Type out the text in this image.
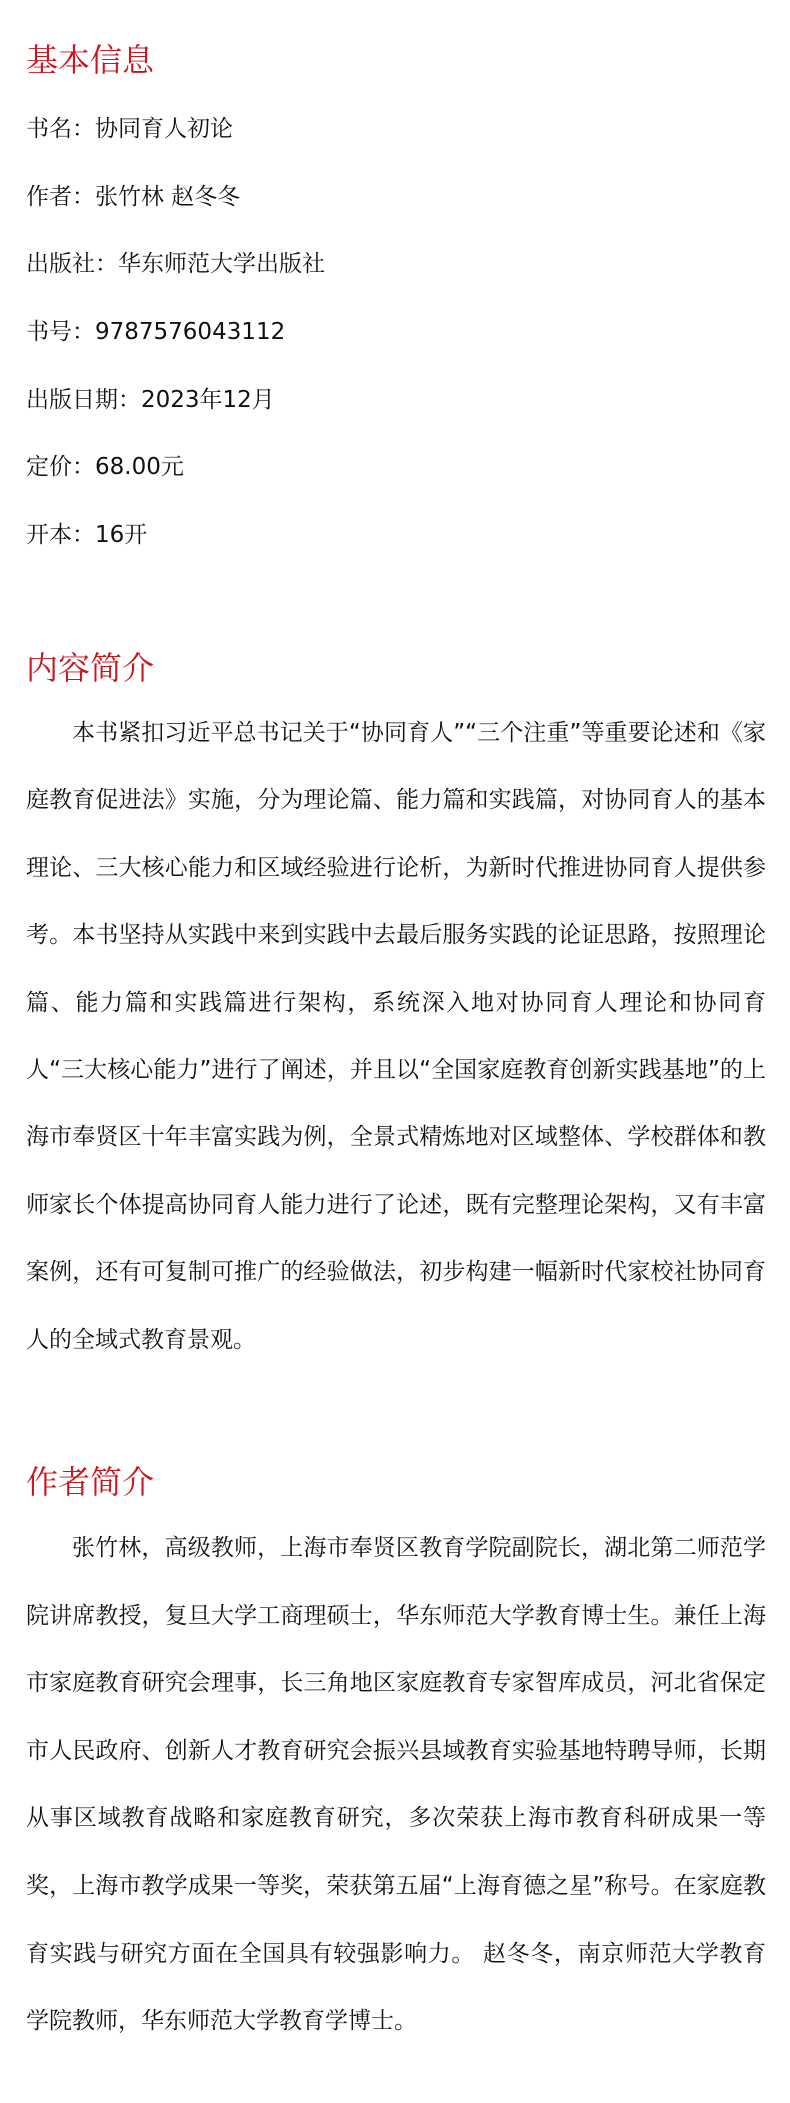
基本信息

书名：协同育人初论

作者：张竹林 赵冬冬

出版社：华东师范大学出版社

书号：9787576043112

出版日期：2023年12月

定价：68.00元

开本：16开

内容简介

本书紧扣习近平总书记关于“协同育人”“三个注重”等重要论述和《家庭教育促进法》实施，分为理论篇、能力篇和实践篇，对协同育人的基本理论、三大核心能力和区域经验进行论析，为新时代推进协同育人提供参考。本书坚持从实践中来到实践中去最后服务实践的论证思路，按照理论篇、能力篇和实践篇进行架构，系统深入地对协同育人理论和协同育人“三大核心能力”进行了阐述，并且以“全国家庭教育创新实践基地”的上海市奉贤区十年丰富实践为例，全景式精炼地对区域整体、学校群体和教师家长个体提高协同育人能力进行了论述，既有完整理论架构，又有丰富案例，还有可复制可推广的经验做法，初步构建一幅新时代家校社协同育人的全域式教育景观。

作者简介

张竹林，高级教师，上海市奉贤区教育学院副院长，湖北第二师范学院讲席教授，复旦大学工商理硕士，华东师范大学教育博士生。兼任上海市家庭教育研究会理事，长三角地区家庭教育专家智库成员，河北省保定市人民政府、创新人才教育研究会振兴县域教育实验基地特聘导师，长期从事区域教育战略和家庭教育研究，多次荣获上海市教育科研成果一等奖，上海市教学成果一等奖，荣获第五届“上海育德之星”称号。在家庭教育实践与研究方面在全国具有较强影响力。 赵冬冬，南京师范大学教育学院教师，华东师范大学教育学博士。
